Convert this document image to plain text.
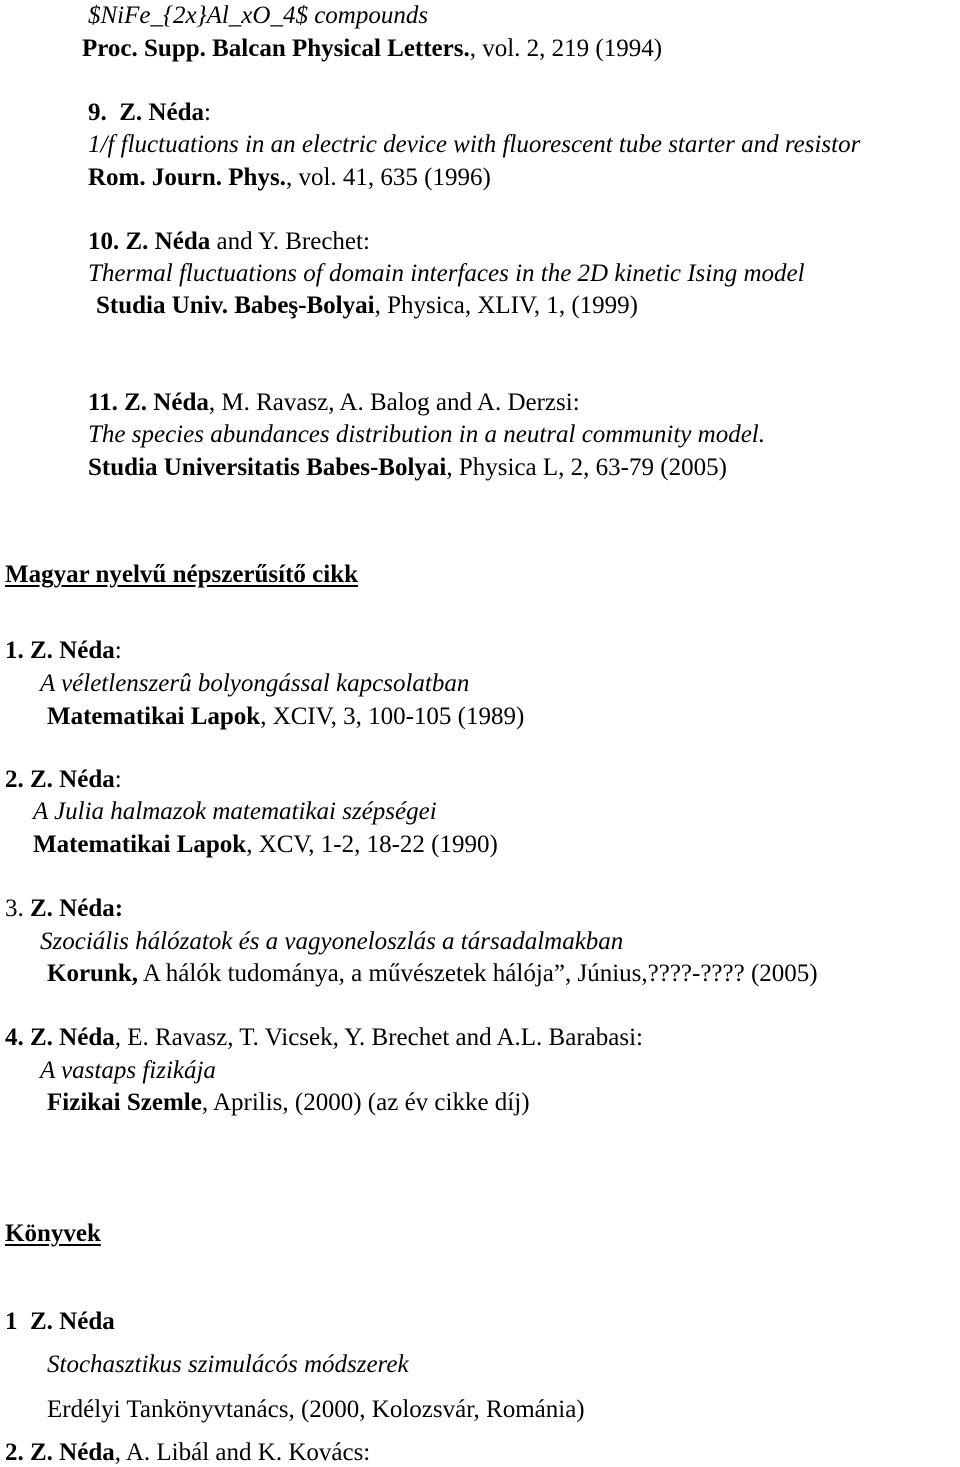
$NiFe_{2x}Al_xO_4$ compounds
Proc. Supp. Balcan Physical Letters., vol. 2, 219 (1994)
9. Z. Néda:
1/f fluctuations in an electric device with fluorescent tube starter and resistor
Rom. Journ. Phys., vol. 41, 635 (1996)
10. Z. Néda and Y. Brechet:
Thermal fluctuations of domain interfaces in the 2D kinetic Ising model
Studia Univ. Babeş-Bolyai, Physica, XLIV, 1, (1999)
11. Z. Néda, M. Ravasz, A. Balog and A. Derzsi:
The species abundances distribution in a neutral community model.
Studia Universitatis Babes-Bolyai, Physica L, 2, 63-79 (2005)
Magyar nyelvű népszerűsítő cikk
1. Z. Néda:
A véletlenszerû bolyongással kapcsolatban
Matematikai Lapok, XCIV, 3, 100-105 (1989)
2. Z. Néda:
A Julia halmazok matematikai szépségei
Matematikai Lapok, XCV, 1-2, 18-22 (1990)
3. Z. Néda:
Szociális hálózatok és a vagyoneloszlás a társadalmakban
Korunk, A hálók tudománya, a művészetek hálója”, Június,????-???? (2005)
4. Z. Néda, E. Ravasz, T. Vicsek, Y. Brechet and A.L. Barabasi:
A vastaps fizikája
Fizikai Szemle, Aprilis, (2000) (az év cikke díj)
Könyvek
1 Z. Néda
Stochasztikus szimulácós módszerek
Erdélyi Tankönyvtanács, (2000, Kolozsvár, Románia)
2. Z. Néda, A. Libál and K. Kovács:
